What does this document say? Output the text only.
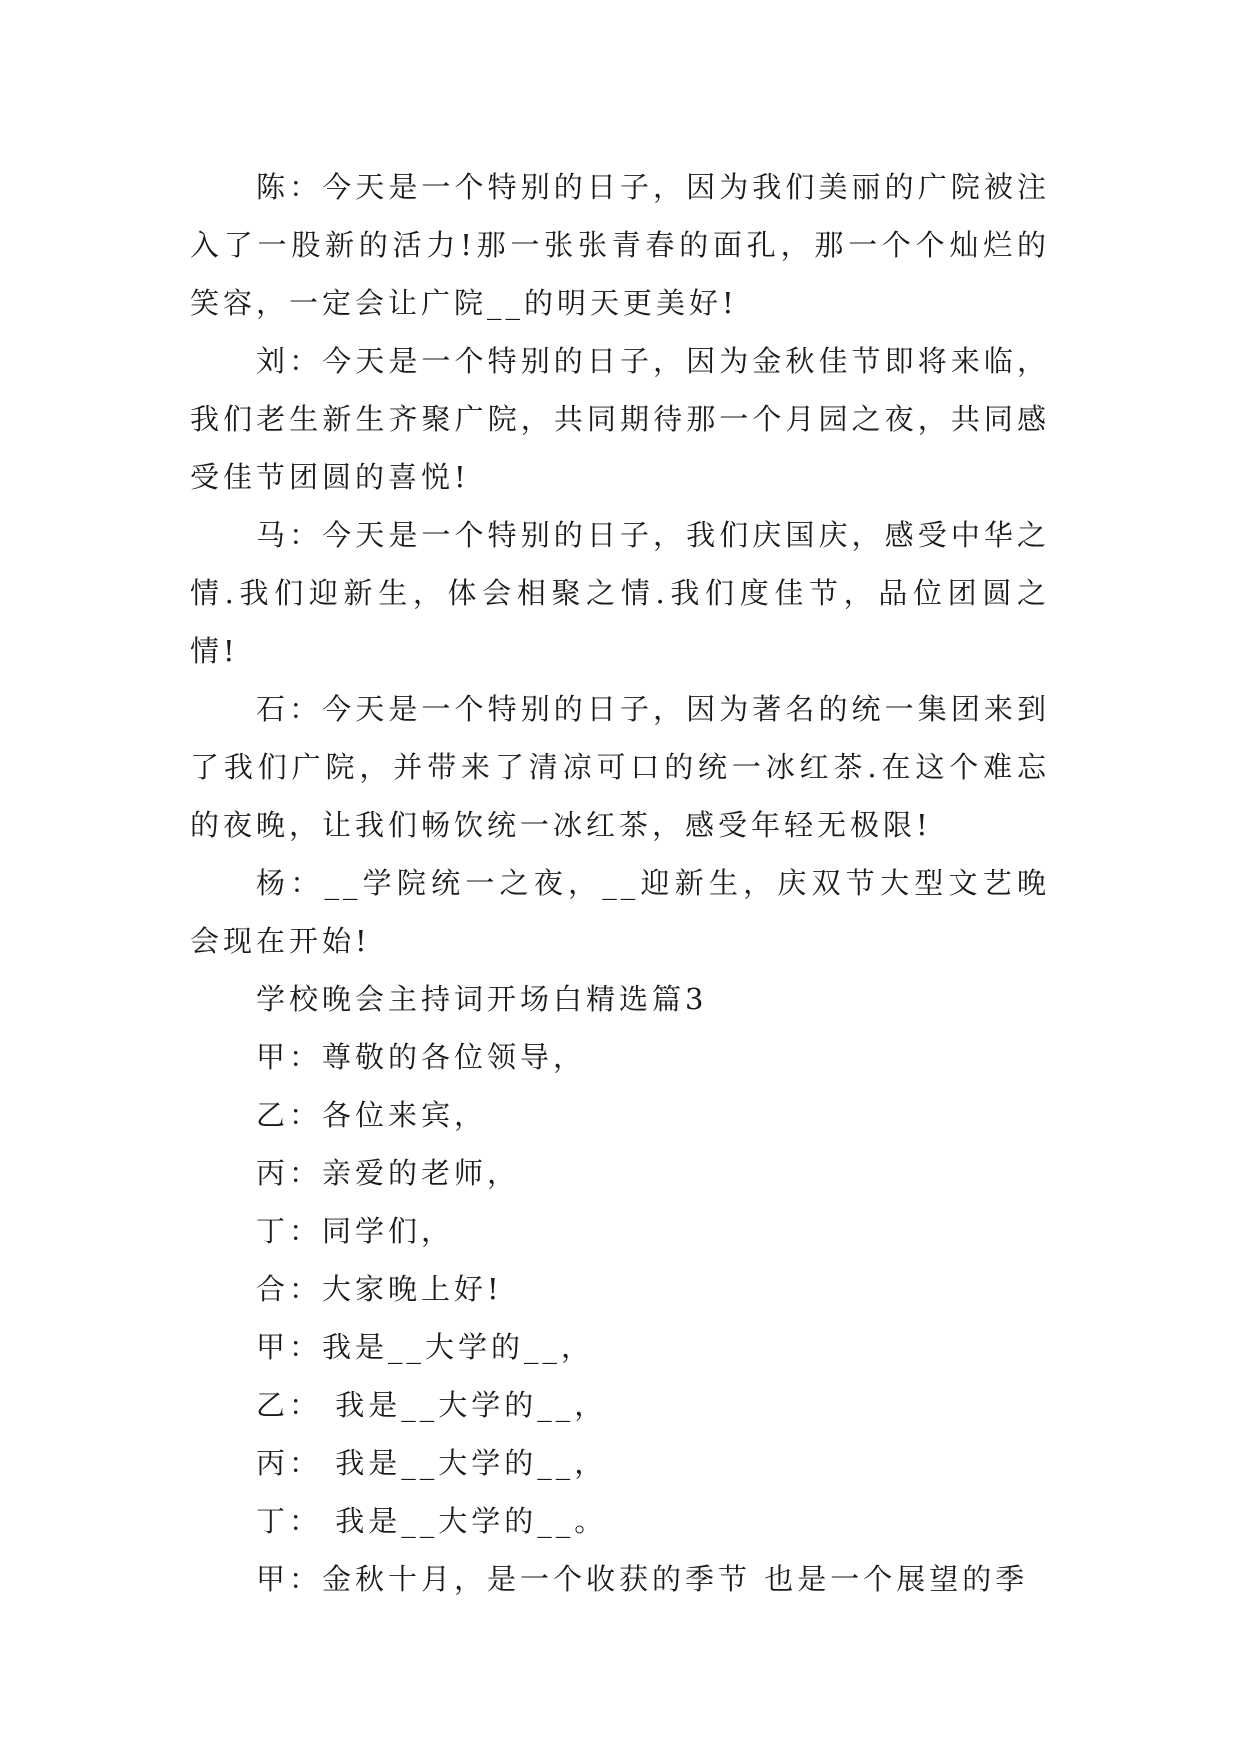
陈：今天是一个特别的日子，因为我们美丽的广院被注入了一股新的活力!那一张张青春的面孔，那一个个灿烂的笑容，一定会让广院__的明天更美好!

刘：今天是一个特别的日子，因为金秋佳节即将来临，我们老生新生齐聚广院，共同期待那一个月园之夜，共同感受佳节团圆的喜悦!

马：今天是一个特别的日子，我们庆国庆，感受中华之情.我们迎新生，体会相聚之情.我们度佳节，品位团圆之情!

石：今天是一个特别的日子，因为著名的统一集团来到了我们广院，并带来了清凉可口的统一冰红茶.在这个难忘的夜晚，让我们畅饮统一冰红茶，感受年轻无极限!

杨：__学院统一之夜，__迎新生，庆双节大型文艺晚会现在开始!

学校晚会主持词开场白精选篇3

甲：尊敬的各位领导，

乙：各位来宾，

丙：亲爱的老师，

丁：同学们，

合：大家晚上好!

甲：我是__大学的__，

乙： 我是__大学的__，

丙： 我是__大学的__，

丁： 我是__大学的__。

甲：金秋十月，是一个收获的季节 也是一个展望的季
